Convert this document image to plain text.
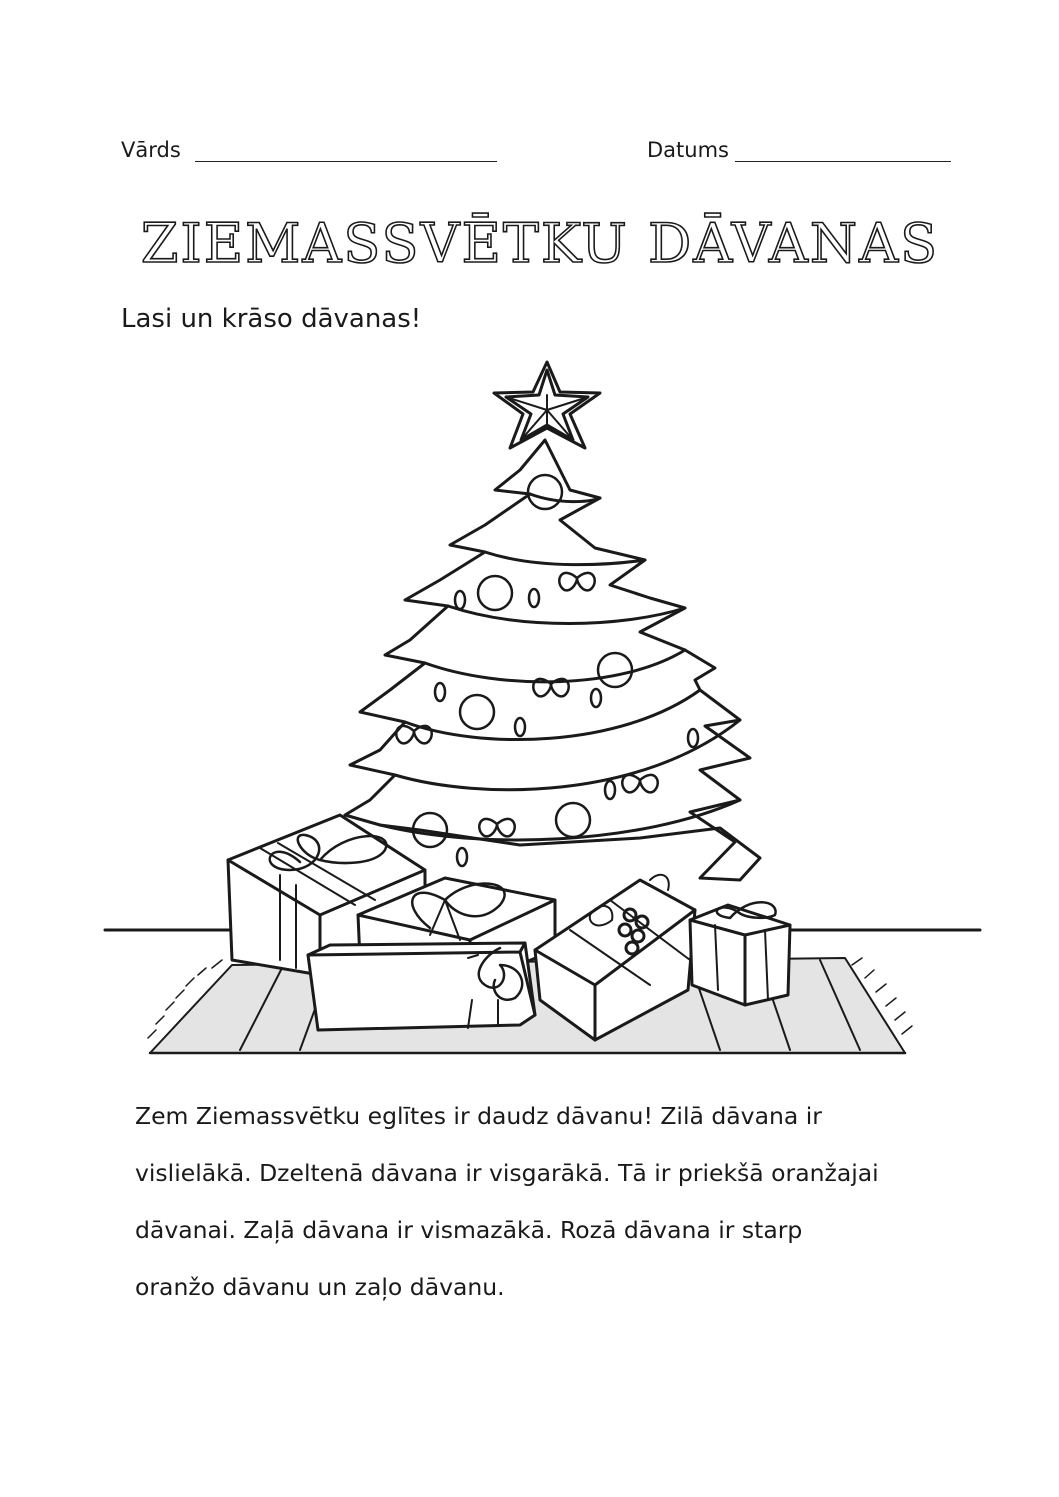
Vārds	Datums
ZIEMASSVĒTKU DĀVANAS
Lasi un krāso dāvanas!

Zem Ziemassvētku eglītes ir daudz dāvanu! Zilā dāvana ir
vislielākā. Dzeltenā dāvana ir visgarākā. Tā ir priekšā oranžajai
dāvanai. Zaļā dāvana ir vismazākā. Rozā dāvana ir starp
oranžo dāvanu un zaļo dāvanu.
